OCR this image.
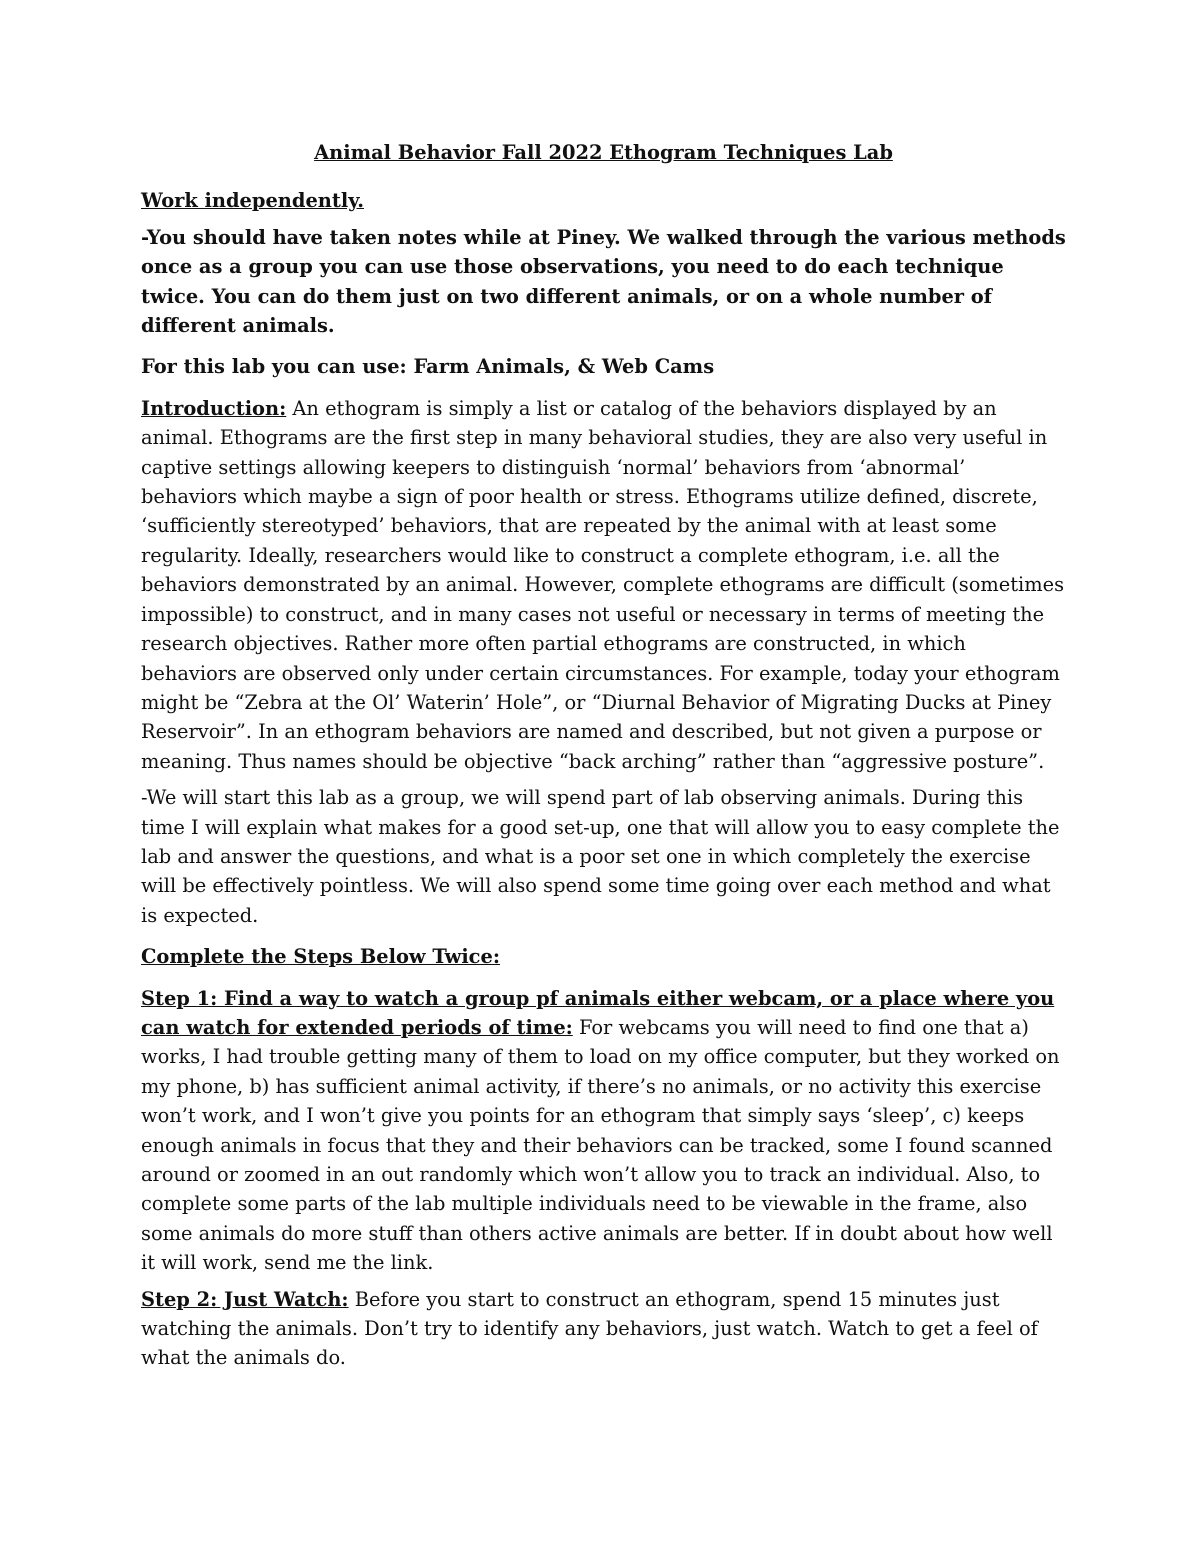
Animal Behavior Fall 2022 Ethogram Techniques Lab

Work independently.

-You should have taken notes while at Piney. We walked through the various methods once as a group you can use those observations, you need to do each technique twice. You can do them just on two different animals, or on a whole number of different animals.

For this lab you can use: Farm Animals, & Web Cams

Introduction: An ethogram is simply a list or catalog of the behaviors displayed by an animal. Ethograms are the first step in many behavioral studies, they are also very useful in captive settings allowing keepers to distinguish ‘normal’ behaviors from ‘abnormal’ behaviors which maybe a sign of poor health or stress. Ethograms utilize defined, discrete, ‘sufficiently stereotyped’ behaviors, that are repeated by the animal with at least some regularity. Ideally, researchers would like to construct a complete ethogram, i.e. all the behaviors demonstrated by an animal. However, complete ethograms are difficult (sometimes impossible) to construct, and in many cases not useful or necessary in terms of meeting the research objectives. Rather more often partial ethograms are constructed, in which behaviors are observed only under certain circumstances. For example, today your ethogram might be “Zebra at the Ol’ Waterin’ Hole”, or “Diurnal Behavior of Migrating Ducks at Piney Reservoir”. In an ethogram behaviors are named and described, but not given a purpose or meaning. Thus names should be objective “back arching” rather than “aggressive posture”.

-We will start this lab as a group, we will spend part of lab observing animals. During this time I will explain what makes for a good set-up, one that will allow you to easy complete the lab and answer the questions, and what is a poor set one in which completely the exercise will be effectively pointless. We will also spend some time going over each method and what is expected.

Complete the Steps Below Twice:

Step 1: Find a way to watch a group pf animals either webcam, or a place where you can watch for extended periods of time: For webcams you will need to find one that a) works, I had trouble getting many of them to load on my office computer, but they worked on my phone, b) has sufficient animal activity, if there’s no animals, or no activity this exercise won’t work, and I won’t give you points for an ethogram that simply says ‘sleep’, c) keeps enough animals in focus that they and their behaviors can be tracked, some I found scanned around or zoomed in an out randomly which won’t allow you to track an individual. Also, to complete some parts of the lab multiple individuals need to be viewable in the frame, also some animals do more stuff than others active animals are better. If in doubt about how well it will work, send me the link.

Step 2: Just Watch: Before you start to construct an ethogram, spend 15 minutes just watching the animals. Don’t try to identify any behaviors, just watch. Watch to get a feel of what the animals do.
